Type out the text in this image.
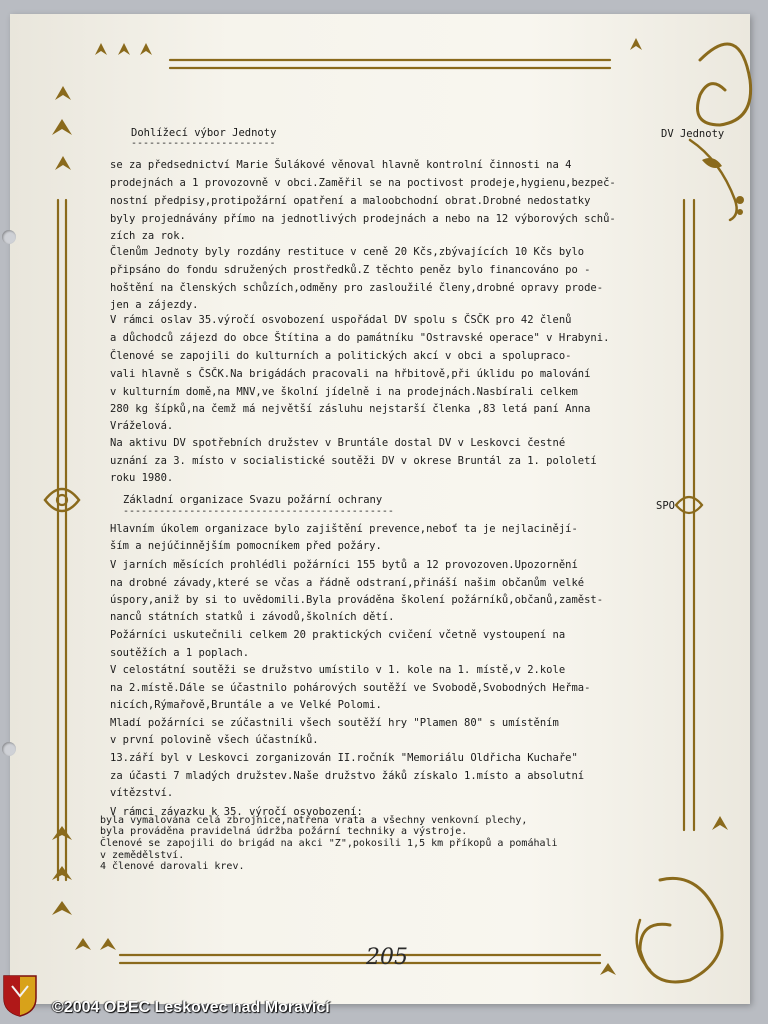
Dohlížecí výbor Jednoty
------------------------
DV Jednoty
se za předsednictví Marie Šulákové věnoval hlavně kontrolní činnosti na 4
prodejnách a 1 provozovně v obci.Zaměřil se na poctivost prodeje,hygienu,bezpeč-
nostní předpisy,protipožární opatření a maloobchodní obrat.Drobné nedostatky
byly projednávány přímo na jednotlivých prodejnách a nebo na 12 výborových schů-
zích za rok.
Členům Jednoty byly rozdány restituce v ceně 20 Kčs,zbývajících 10 Kčs bylo
připsáno do fondu sdružených prostředků.Z těchto peněz bylo financováno po -
hoštění na členských schůzích,odměny pro zasloužilé členy,drobné opravy prode-
jen a zájezdy.
V rámci oslav 35.výročí osvobození uspořádal DV spolu s ČSČK pro 42 členů
a důchodců zájezd do obce Štítina a do památníku "Ostravské operace" v Hrabyni.
Členové se zapojili do kulturních a politických akcí v obci a spolupraco-
vali hlavně s ČSČK.Na brigádách pracovali na hřbitově,při úklidu po malování
v kulturním domě,na MNV,ve školní jídelně i na prodejnách.Nasbírali celkem
280 kg šípků,na čemž má největší zásluhu nejstarší členka ,83 letá paní Anna
Vráželová.
Na aktivu DV spotřebních družstev v Bruntále dostal DV v Leskovci čestné
uznání za 3. místo v socialistické soutěži DV v okrese Bruntál za 1. pololetí
roku 1980.
Základní organizace Svazu požární ochrany
---------------------------------------------	SPO
Hlavním úkolem organizace bylo zajištění prevence,neboť ta je nejlacinějí-
ším a nejúčinnějším pomocníkem před požáry.
V jarních měsících prohlédli požárníci 155 bytů a 12 provozoven.Upozornění
na drobné závady,které se včas a řádně odstraní,přináší našim občanům velké
úspory,aniž by si to uvědomili.Byla prováděna školení požárníků,občanů,zaměst-
nanců státních statků i závodů,školních dětí.
Požárníci uskutečnili celkem 20 praktických cvičení včetně vystoupení na
soutěžích a 1 poplach.
V celostátní soutěži se družstvo umístilo v 1. kole na 1. místě,v 2.kole
na 2.místě.Dále se účastnilo pohárových soutěží ve Svobodě,Svobodných Heřma-
nicích,Rýmařově,Bruntále a ve Velké Polomi.
Mladí požárníci se zúčastnili všech soutěží hry "Plamen 80" s umístěním
v první polovině všech účastníků.
13.září byl v Leskovci zorganizován II.ročník "Memoriálu Oldřicha Kuchaře"
za účasti 7 mladých družstev.Naše družstvo žáků získalo 1.místo a absolutní
vítězství.
V rámci závazku k 35. výročí osvobození:
byla vymalována celá zbrojnice,natřena vrata a všechny venkovní plechy,
byla prováděna pravidelná údržba požární techniky a výstroje.
Členové se zapojili do brigád na akci "Z",pokosili 1,5 km příkopů a pomáhali
v zemědělství.
4 členové darovali krev.
205
©2004 OBEC Leskovec nad Moravicí
